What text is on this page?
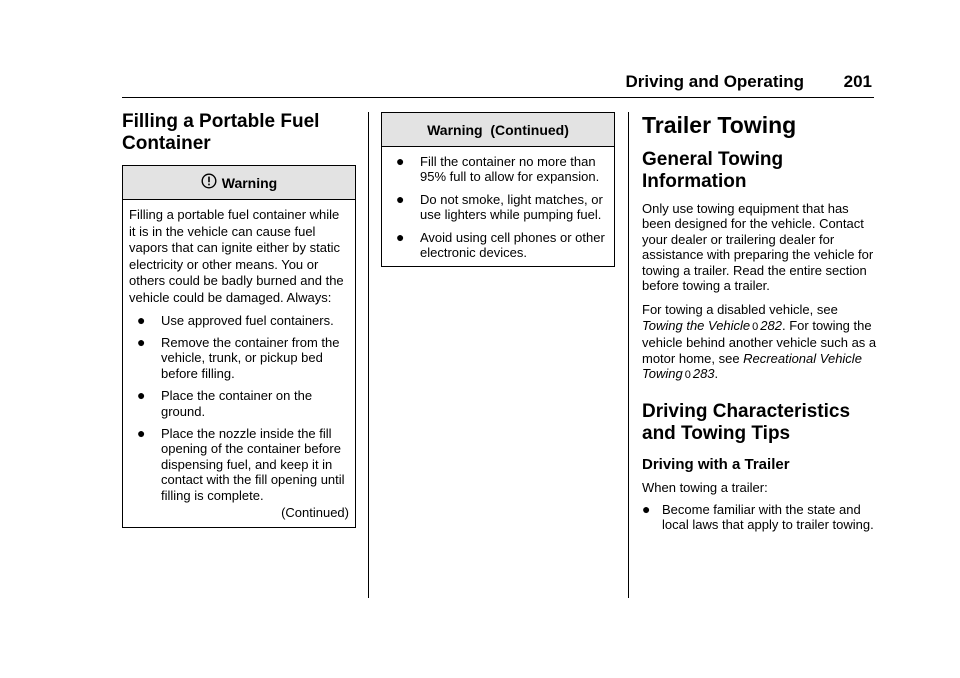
Driving and Operating 201
Filling a Portable Fuel
Container
Warning

Filling a portable fuel container while it is in the vehicle can cause fuel vapors that can ignite either by static electricity or other means. You or others could be badly burned and the vehicle could be damaged. Always:

● Use approved fuel containers.
● Remove the container from the vehicle, trunk, or pickup bed before filling.
● Place the container on the ground.
● Place the nozzle inside the fill opening of the container before dispensing fuel, and keep it in contact with the fill opening until filling is complete.
(Continued)
Warning  (Continued)
● Fill the container no more than 95% full to allow for expansion.
● Do not smoke, light matches, or use lighters while pumping fuel.
● Avoid using cell phones or other electronic devices.
Trailer Towing
General Towing
Information

Only use towing equipment that has been designed for the vehicle. Contact your dealer or trailering dealer for assistance with preparing the vehicle for towing a trailer. Read the entire section before towing a trailer.

For towing a disabled vehicle, see Towing the Vehicle 0 282. For towing the vehicle behind another vehicle such as a motor home, see Recreational Vehicle Towing 0 283.

Driving Characteristics
and Towing Tips
Driving with a Trailer

When towing a trailer:

● Become familiar with the state and local laws that apply to trailer towing.
